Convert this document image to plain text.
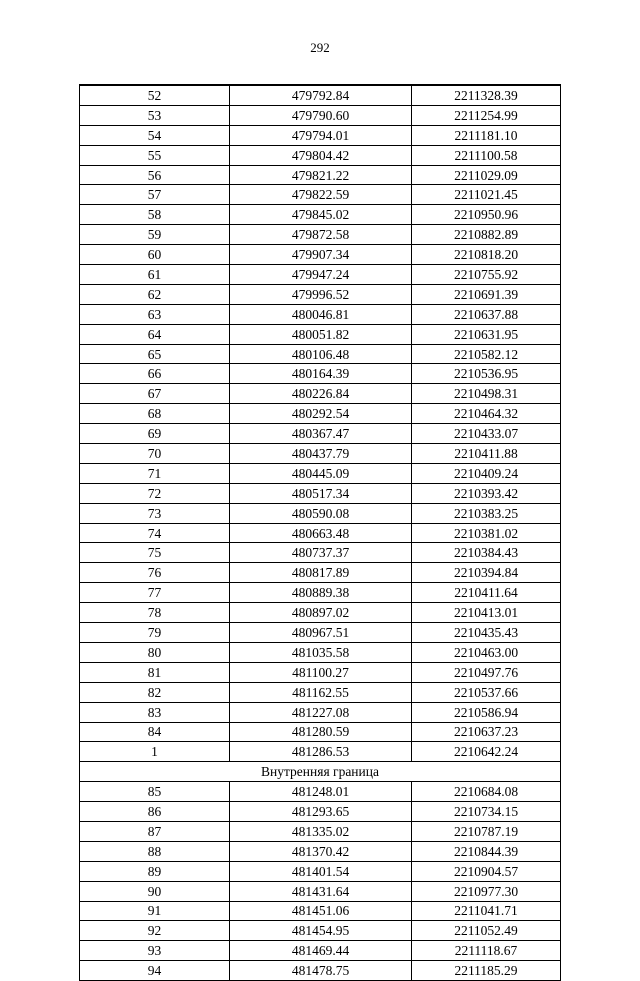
292
52	479792.84	2211328.39
53	479790.60	2211254.99
54	479794.01	2211181.10
55	479804.42	2211100.58
56	479821.22	2211029.09
57	479822.59	2211021.45
58	479845.02	2210950.96
59	479872.58	2210882.89
60	479907.34	2210818.20
61	479947.24	2210755.92
62	479996.52	2210691.39
63	480046.81	2210637.88
64	480051.82	2210631.95
65	480106.48	2210582.12
66	480164.39	2210536.95
67	480226.84	2210498.31
68	480292.54	2210464.32
69	480367.47	2210433.07
70	480437.79	2210411.88
71	480445.09	2210409.24
72	480517.34	2210393.42
73	480590.08	2210383.25
74	480663.48	2210381.02
75	480737.37	2210384.43
76	480817.89	2210394.84
77	480889.38	2210411.64
78	480897.02	2210413.01
79	480967.51	2210435.43
80	481035.58	2210463.00
81	481100.27	2210497.76
82	481162.55	2210537.66
83	481227.08	2210586.94
84	481280.59	2210637.23
1	481286.53	2210642.24
Внутренняя граница		
85	481248.01	2210684.08
86	481293.65	2210734.15
87	481335.02	2210787.19
88	481370.42	2210844.39
89	481401.54	2210904.57
90	481431.64	2210977.30
91	481451.06	2211041.71
92	481454.95	2211052.49
93	481469.44	2211118.67
94	481478.75	2211185.29
